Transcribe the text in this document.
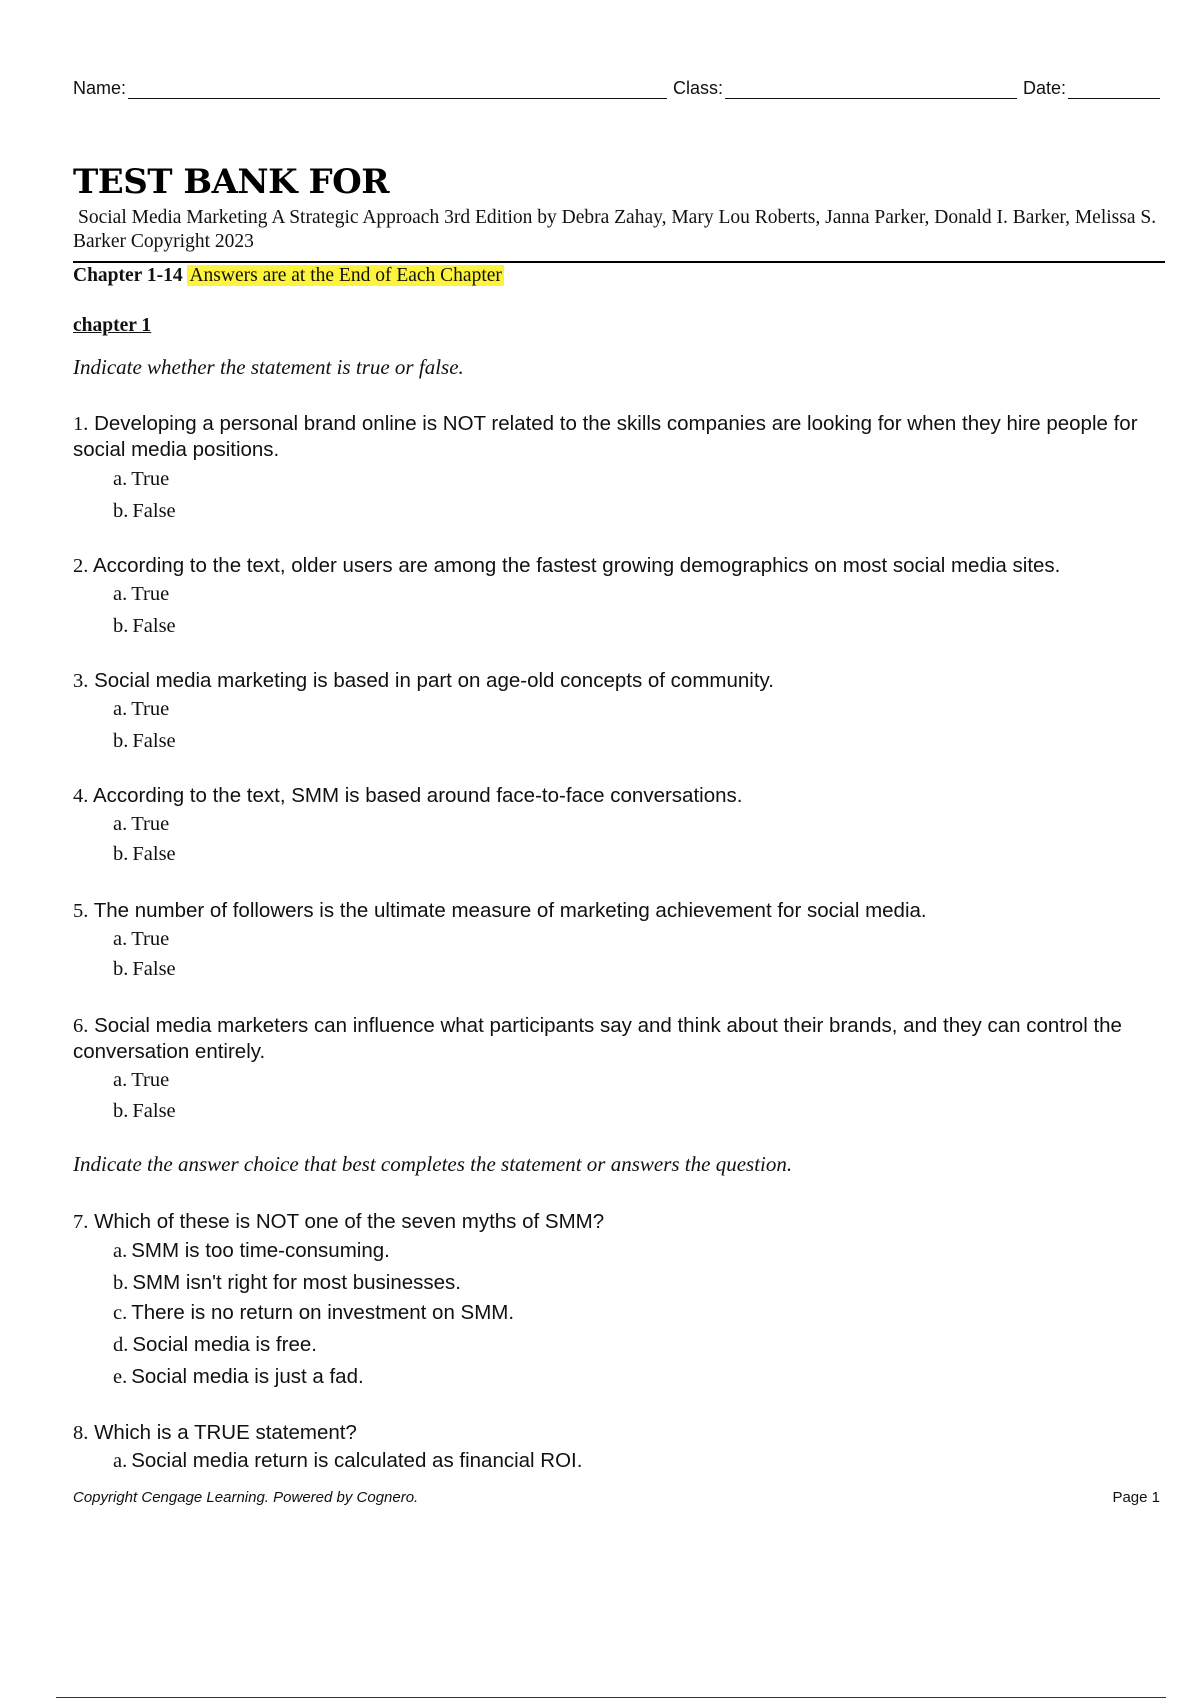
Name:	Class:	Date:
TEST BANK FOR
Social Media Marketing A Strategic Approach 3rd Edition by Debra Zahay, Mary Lou Roberts, Janna Parker, Donald I. Barker, Melissa S. Barker Copyright 2023
Chapter 1-14 Answers are at the End of Each Chapter
chapter 1
Indicate whether the statement is true or false.
1. Developing a personal brand online is NOT related to the skills companies are looking for when they hire people for social media positions.
a. True
b. False
2. According to the text, older users are among the fastest growing demographics on most social media sites.
a. True
b. False
3. Social media marketing is based in part on age-old concepts of community.
a. True
b. False
4. According to the text, SMM is based around face-to-face conversations.
a. True
b. False
5. The number of followers is the ultimate measure of marketing achievement for social media.
a. True
b. False
6. Social media marketers can influence what participants say and think about their brands, and they can control the conversation entirely.
a. True
b. False
Indicate the answer choice that best completes the statement or answers the question.
7. Which of these is NOT one of the seven myths of SMM?
a. SMM is too time-consuming.
b. SMM isn't right for most businesses.
c. There is no return on investment on SMM.
d. Social media is free.
e. Social media is just a fad.
8. Which is a TRUE statement?
a. Social media return is calculated as financial ROI.
Copyright Cengage Learning. Powered by Cognero.	Page 1
